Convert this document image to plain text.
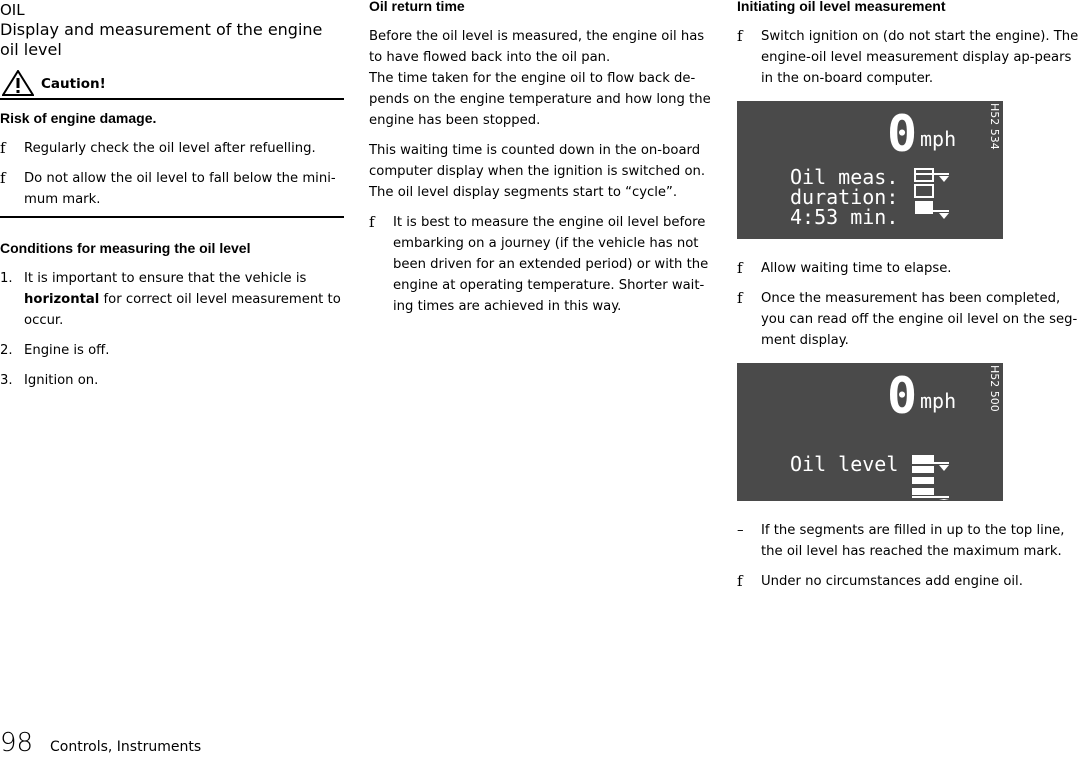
OIL
Display and measurement of the engine oil level
Caution!

Risk of engine damage.

f Regularly check the oil level after refuelling.
f Do not allow the oil level to fall below the mini-mum mark.

Conditions for measuring the oil level

1. It is important to ensure that the vehicle is horizontal for correct oil level measurement to occur.
2. Engine is off.
3. Ignition on.

Oil return time

Before the oil level is measured, the engine oil has to have flowed back into the oil pan.

The time taken for the engine oil to flow back de-pends on the engine temperature and how long the engine has been stopped.

This waiting time is counted down in the on-board computer display when the ignition is switched on. The oil level display segments start to “cycle”.

f It is best to measure the engine oil level before embarking on a journey (if the vehicle has not been driven for an extended period) or with the engine at operating temperature. Shorter wait-ing times are achieved in this way.

Initiating oil level measurement

f Switch ignition on (do not start the engine). The engine-oil level measurement display ap-pears in the on-board computer.
0 mph
Oil meas.
duration:
4:53 min.
H52 534
f Allow waiting time to elapse.
f Once the measurement has been completed, you can read off the engine oil level on the seg-ment display.
0 mph
Oil level
H52 500
– If the segments are filled in up to the top line, the oil level has reached the maximum mark.
f Under no circumstances add engine oil.
98 Controls, Instruments
